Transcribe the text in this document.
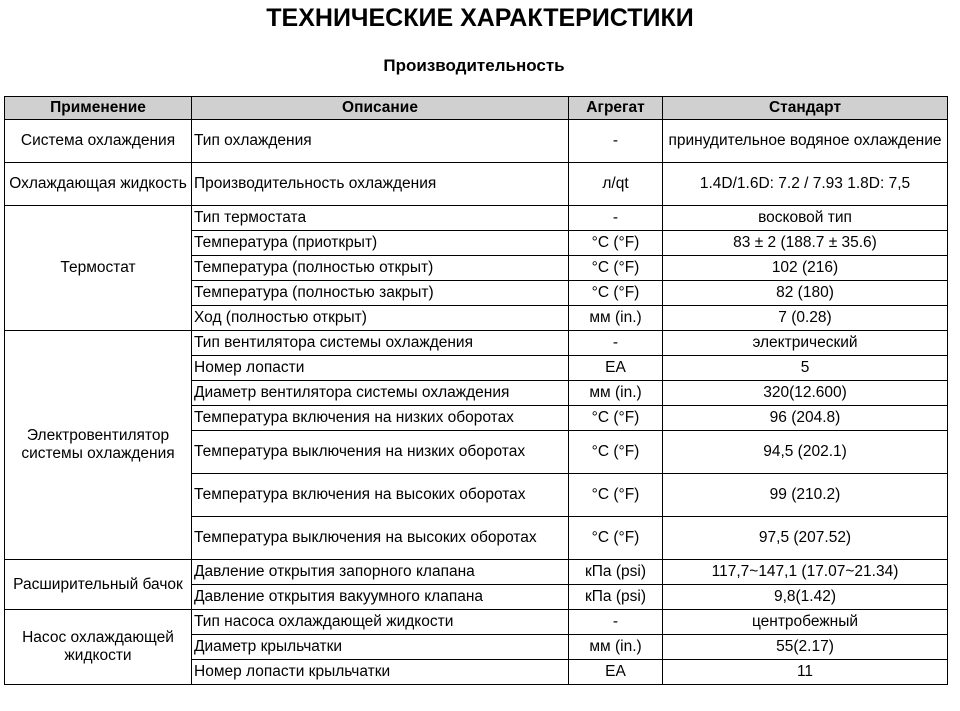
ТЕХНИЧЕСКИЕ ХАРАКТЕРИСТИКИ
Производительность
Применение	Описание	Агрегат	Стандарт
Система охлаждения	Тип охлаждения	-	принудительное водяное охлаждение
Охлаждающая жидкость	Производительность охлаждения	л/qt	1.4D/1.6D: 7.2 / 7.93 1.8D: 7,5
Термостат	Тип термостата	-	восковой тип
	Температура (приоткрыт)	°C (°F)	83 ± 2 (188.7 ± 35.6)
	Температура (полностью открыт)	°C (°F)	102 (216)
	Температура (полностью закрыт)	°C (°F)	82 (180)
	Ход (полностью открыт)	мм (in.)	7 (0.28)
Электровентилятор системы охлаждения	Тип вентилятора системы охлаждения	-	электрический
	Номер лопасти	EA	5
	Диаметр вентилятора системы охлаждения	мм (in.)	320(12.600)
	Температура включения на низких оборотах	°C (°F)	96 (204.8)
	Температура выключения на низких оборотах	°C (°F)	94,5 (202.1)
	Температура включения на высоких оборотах	°C (°F)	99 (210.2)
	Температура выключения на высоких оборотах	°C (°F)	97,5 (207.52)
Расширительный бачок	Давление открытия запорного клапана	кПа (psi)	117,7~147,1 (17.07~21.34)
	Давление открытия вакуумного клапана	кПа (psi)	9,8(1.42)
Насос охлаждающей жидкости	Тип насоса охлаждающей жидкости	-	центробежный
	Диаметр крыльчатки	мм (in.)	55(2.17)
	Номер лопасти крыльчатки	EA	11
